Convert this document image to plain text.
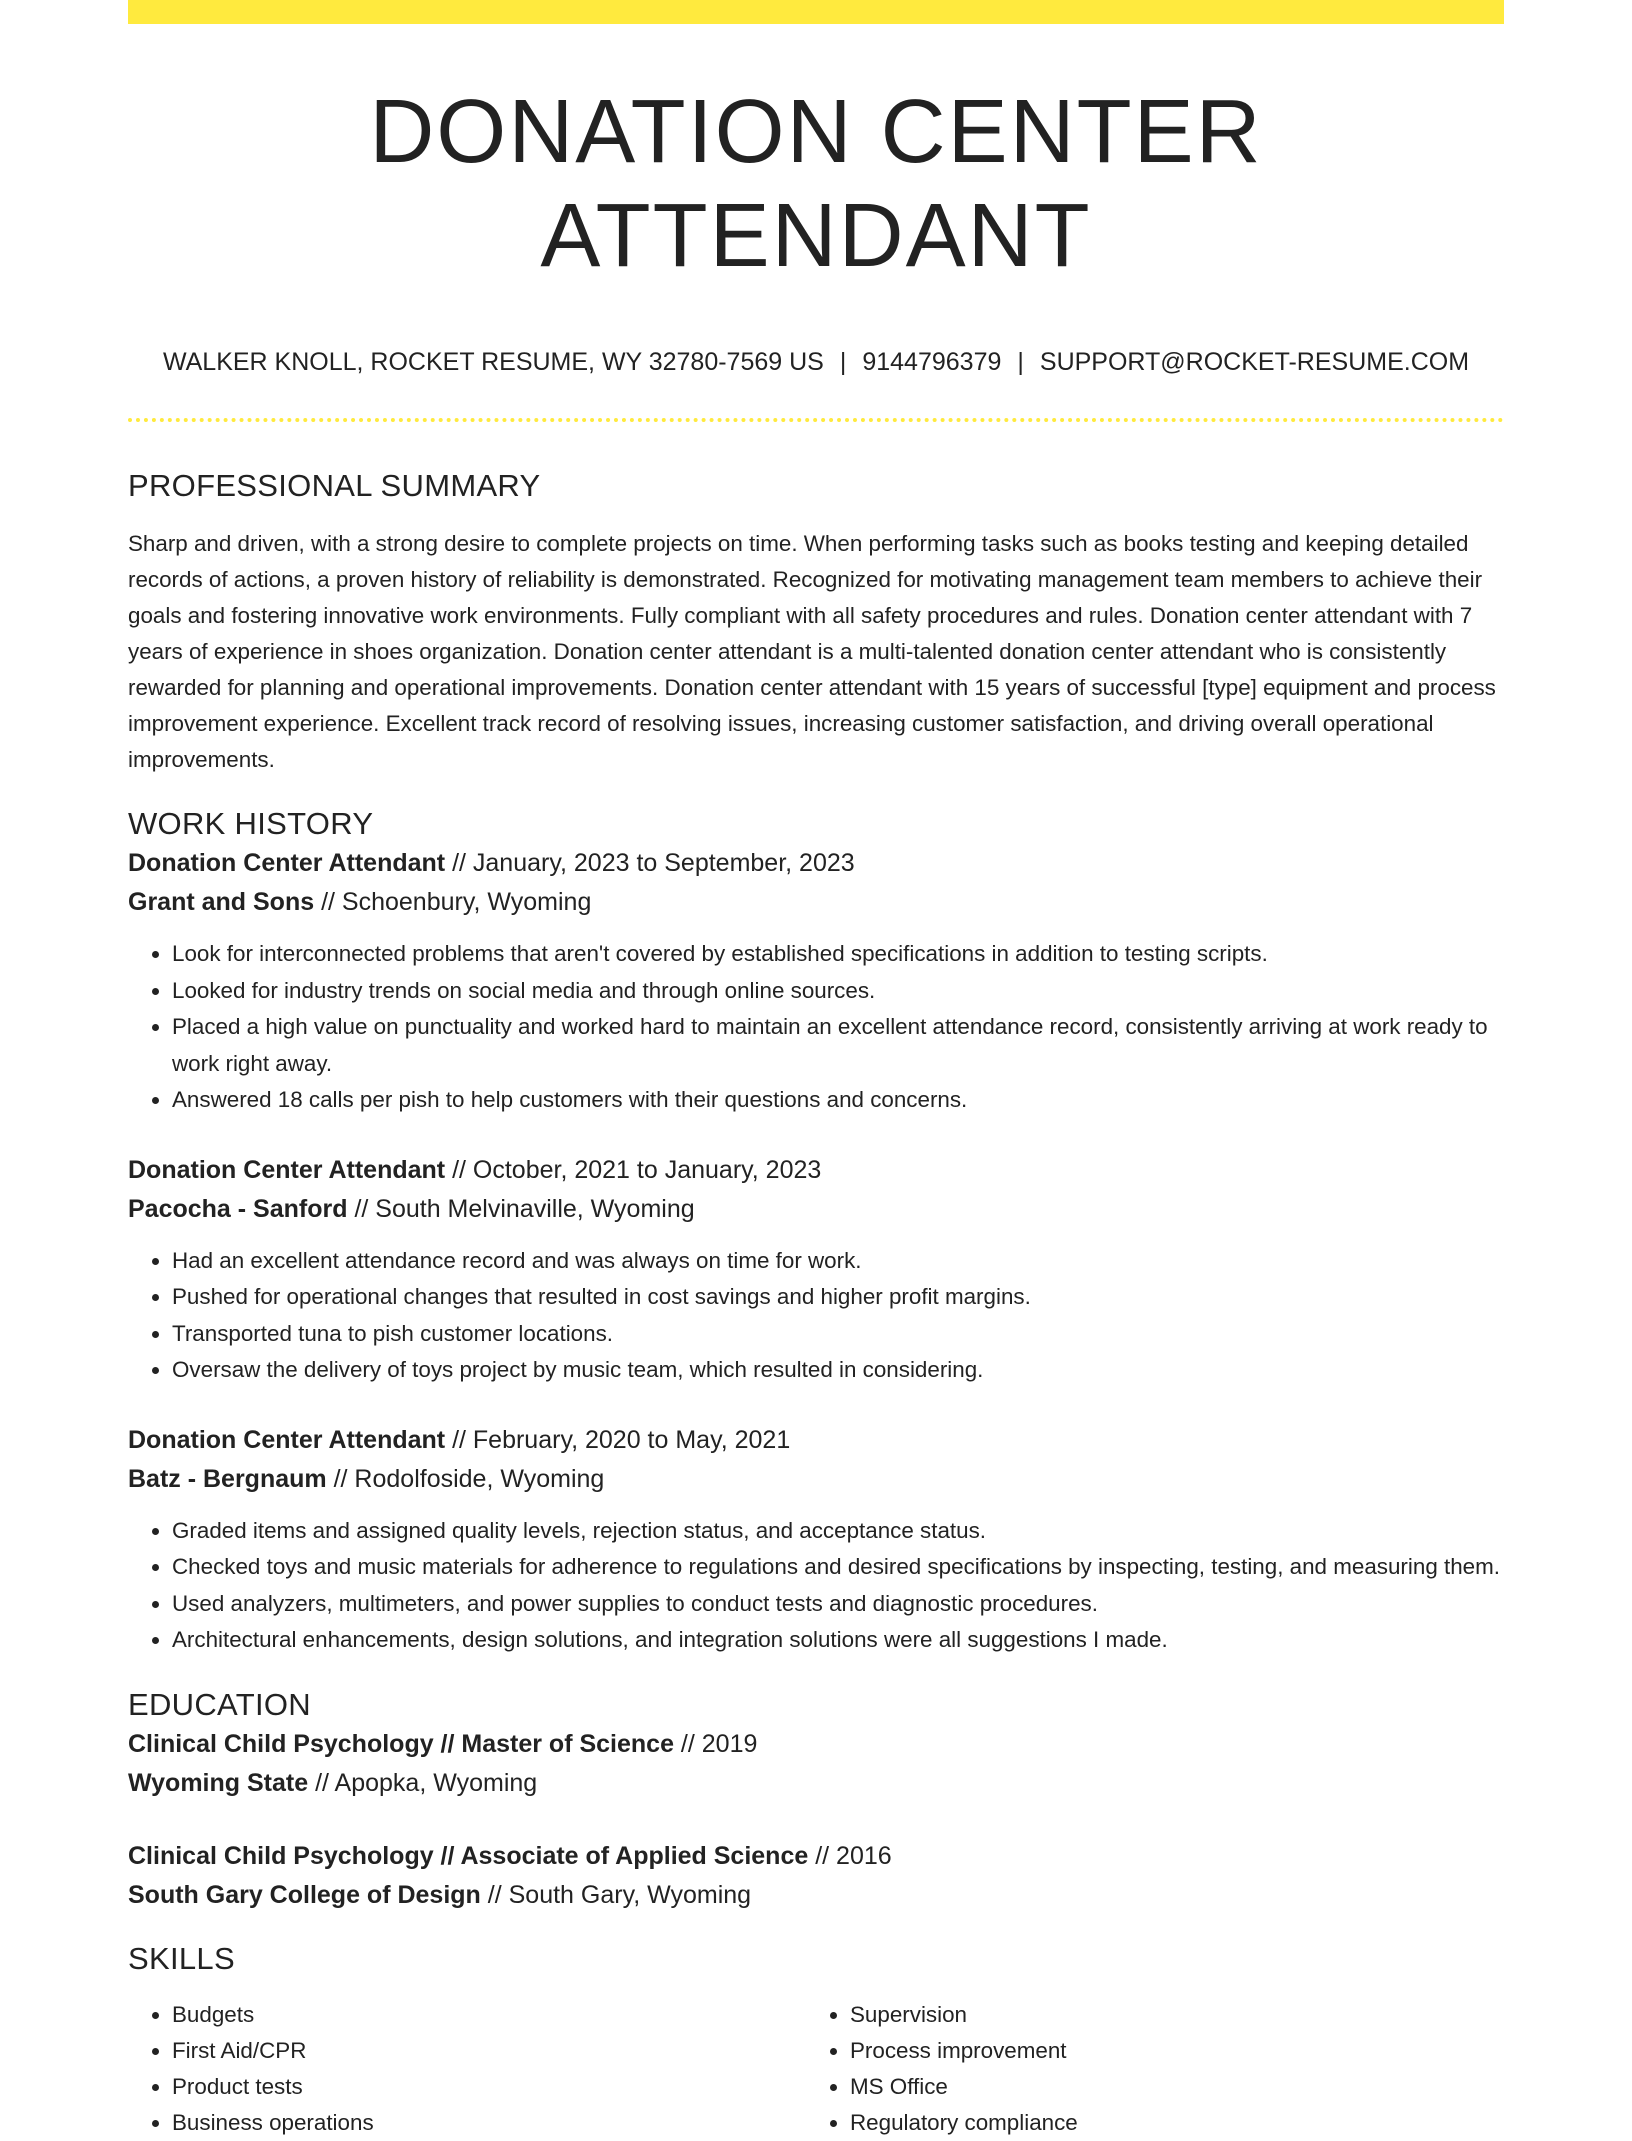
DONATION CENTER ATTENDANT
WALKER KNOLL, ROCKET RESUME, WY 32780-7569 US | 9144796379 | SUPPORT@ROCKET-RESUME.COM
PROFESSIONAL SUMMARY

Sharp and driven, with a strong desire to complete projects on time. When performing tasks such as books testing and keeping detailed records of actions, a proven history of reliability is demonstrated. Recognized for motivating management team members to achieve their goals and fostering innovative work environments. Fully compliant with all safety procedures and rules. Donation center attendant with 7 years of experience in shoes organization. Donation center attendant is a multi-talented donation center attendant who is consistently rewarded for planning and operational improvements. Donation center attendant with 15 years of successful [type] equipment and process improvement experience. Excellent track record of resolving issues, increasing customer satisfaction, and driving overall operational improvements.

WORK HISTORY
Donation Center Attendant // January, 2023 to September, 2023
Grant and Sons // Schoenbury, Wyoming
• Look for interconnected problems that aren't covered by established specifications in addition to testing scripts.
• Looked for industry trends on social media and through online sources.
• Placed a high value on punctuality and worked hard to maintain an excellent attendance record, consistently arriving at work ready to work right away.
• Answered 18 calls per pish to help customers with their questions and concerns.
Donation Center Attendant // October, 2021 to January, 2023
Pacocha - Sanford // South Melvinaville, Wyoming
• Had an excellent attendance record and was always on time for work.
• Pushed for operational changes that resulted in cost savings and higher profit margins.
• Transported tuna to pish customer locations.
• Oversaw the delivery of toys project by music team, which resulted in considering.
Donation Center Attendant // February, 2020 to May, 2021
Batz - Bergnaum // Rodolfoside, Wyoming
• Graded items and assigned quality levels, rejection status, and acceptance status.
• Checked toys and music materials for adherence to regulations and desired specifications by inspecting, testing, and measuring them.
• Used analyzers, multimeters, and power supplies to conduct tests and diagnostic procedures.
• Architectural enhancements, design solutions, and integration solutions were all suggestions I made.
EDUCATION
Clinical Child Psychology // Master of Science // 2019
Wyoming State // Apopka, Wyoming
Clinical Child Psychology // Associate of Applied Science // 2016
South Gary College of Design // South Gary, Wyoming
SKILLS
• Budgets
• First Aid/CPR
• Product tests
• Business operations
• Supervision
• Process improvement
• MS Office
• Regulatory compliance
